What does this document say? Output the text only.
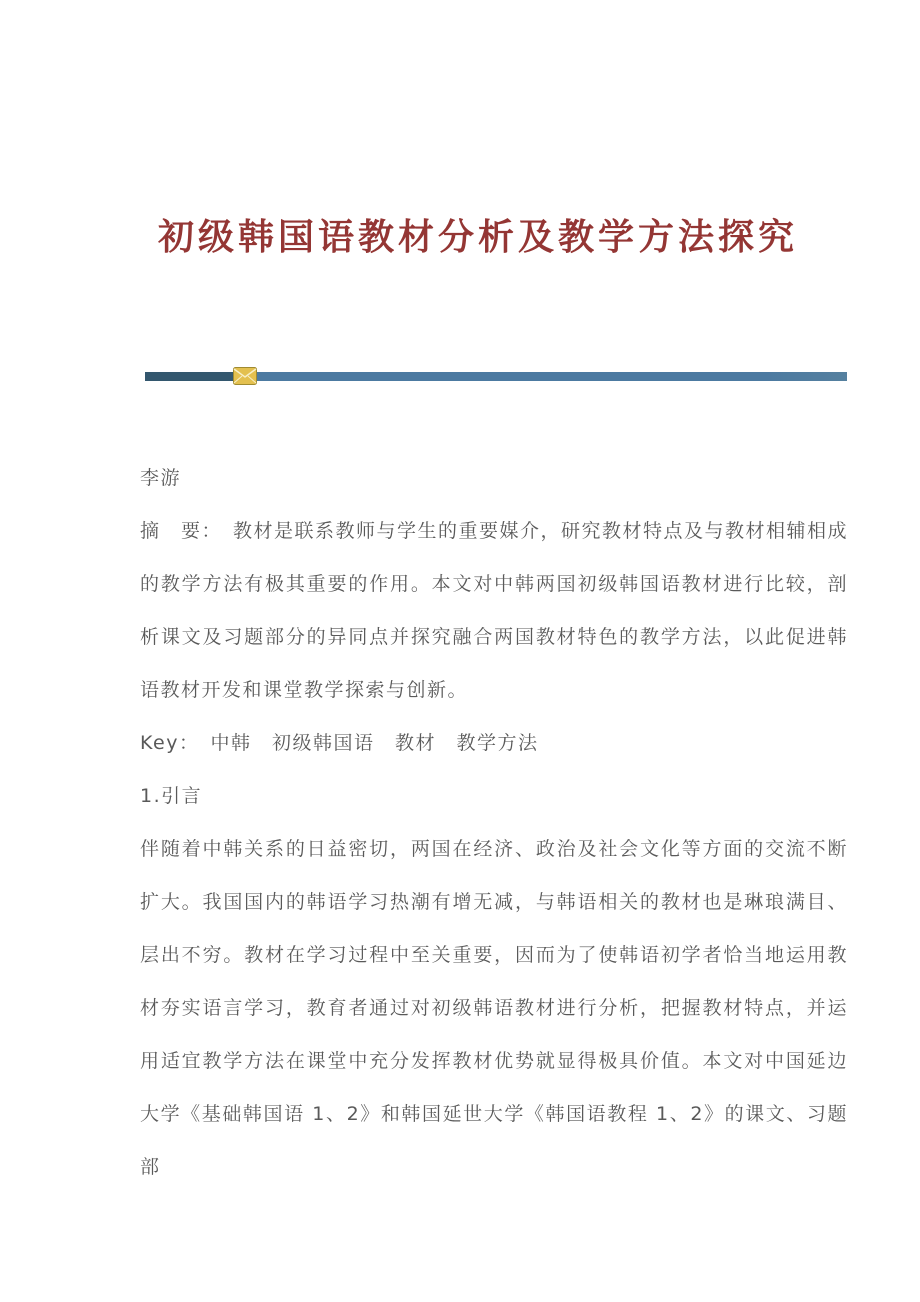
初级韩国语教材分析及教学方法探究

李游

摘　要：　教材是联系教师与学生的重要媒介，研究教材特点及与教材相辅相成的教学方法有极其重要的作用。本文对中韩两国初级韩国语教材进行比较，剖析课文及习题部分的异同点并探究融合两国教材特色的教学方法，以此促进韩语教材开发和课堂教学探索与创新。

Key：　中韩　初级韩国语　教材　教学方法

1.引言

伴随着中韩关系的日益密切，两国在经济、政治及社会文化等方面的交流不断扩大。我国国内的韩语学习热潮有增无减，与韩语相关的教材也是琳琅满目、层出不穷。教材在学习过程中至关重要，因而为了使韩语初学者恰当地运用教材夯实语言学习，教育者通过对初级韩语教材进行分析，把握教材特点，并运用适宜教学方法在课堂中充分发挥教材优势就显得极具价值。本文对中国延边大学《基础韩国语 1、2》和韩国延世大学《韩国语教程 1、2》的课文、习题部
